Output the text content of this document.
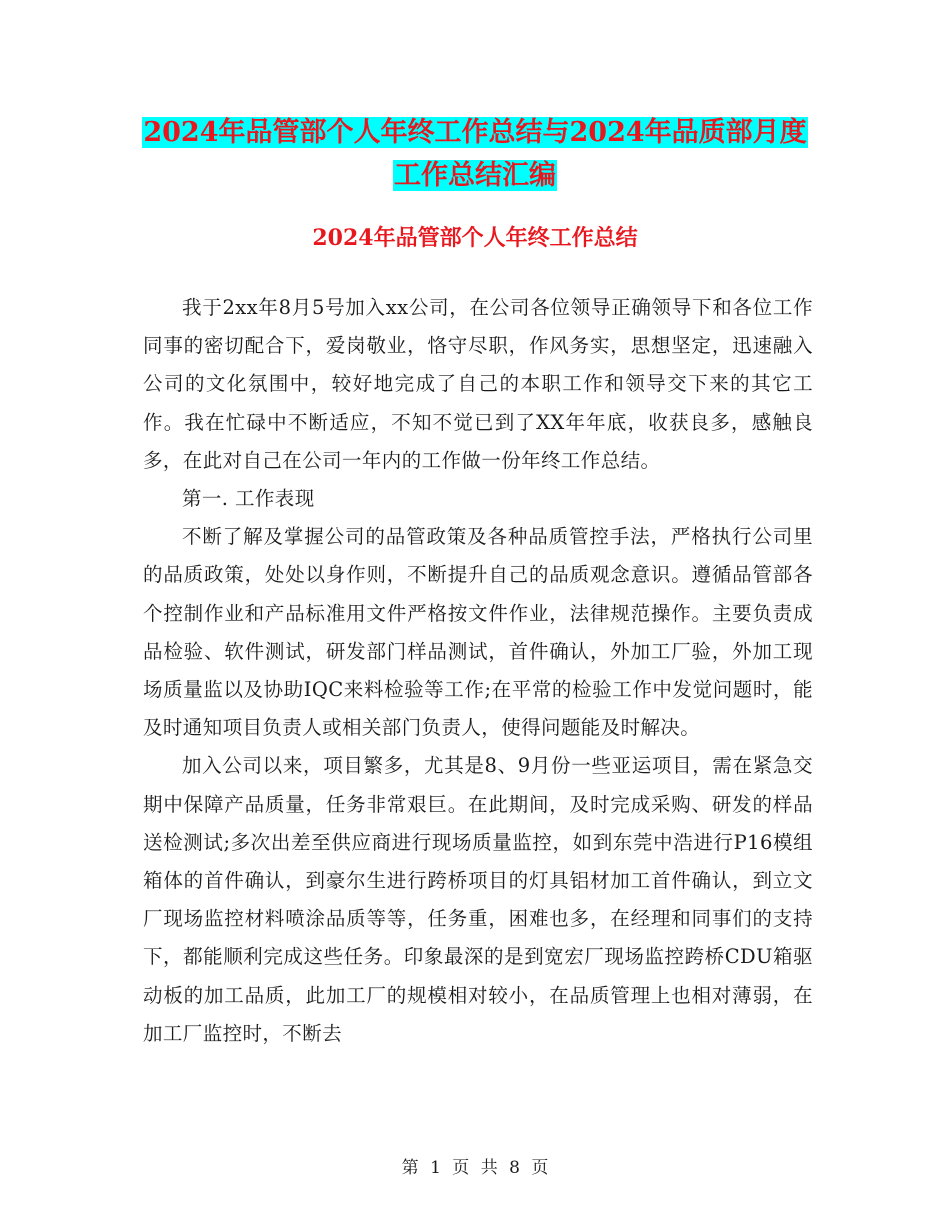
2024年品管部个人年终工作总结与2024年品质部月度
工作总结汇编
2024年品管部个人年终工作总结

我于2xx年8月5号加入xx公司，在公司各位领导正确领导下和各位工作同事的密切配合下，爱岗敬业，恪守尽职，作风务实，思想坚定，迅速融入公司的文化氛围中，较好地完成了自己的本职工作和领导交下来的其它工作。我在忙碌中不断适应，不知不觉已到了XX年年底，收获良多，感触良多，在此对自己在公司一年内的工作做一份年终工作总结。

第一. 工作表现

不断了解及掌握公司的品管政策及各种品质管控手法，严格执行公司里的品质政策，处处以身作则，不断提升自己的品质观念意识。遵循品管部各个控制作业和产品标准用文件严格按文件作业，法律规范操作。主要负责成品检验、软件测试，研发部门样品测试，首件确认，外加工厂验，外加工现场质量监以及协助IQC来料检验等工作;在平常的检验工作中发觉问题时，能及时通知项目负责人或相关部门负责人，使得问题能及时解决。

加入公司以来，项目繁多，尤其是8、9月份一些亚运项目，需在紧急交期中保障产品质量，任务非常艰巨。在此期间，及时完成采购、研发的样品送检测试;多次出差至供应商进行现场质量监控，如到东莞中浩进行P16模组箱体的首件确认，到豪尔生进行跨桥项目的灯具铝材加工首件确认，到立文厂现场监控材料喷涂品质等等，任务重，困难也多，在经理和同事们的支持下，都能顺利完成这些任务。印象最深的是到宽宏厂现场监控跨桥CDU箱驱动板的加工品质，此加工厂的规模相对较小，在品质管理上也相对薄弱，在加工厂监控时，不断去

第 1 页 共 8 页
